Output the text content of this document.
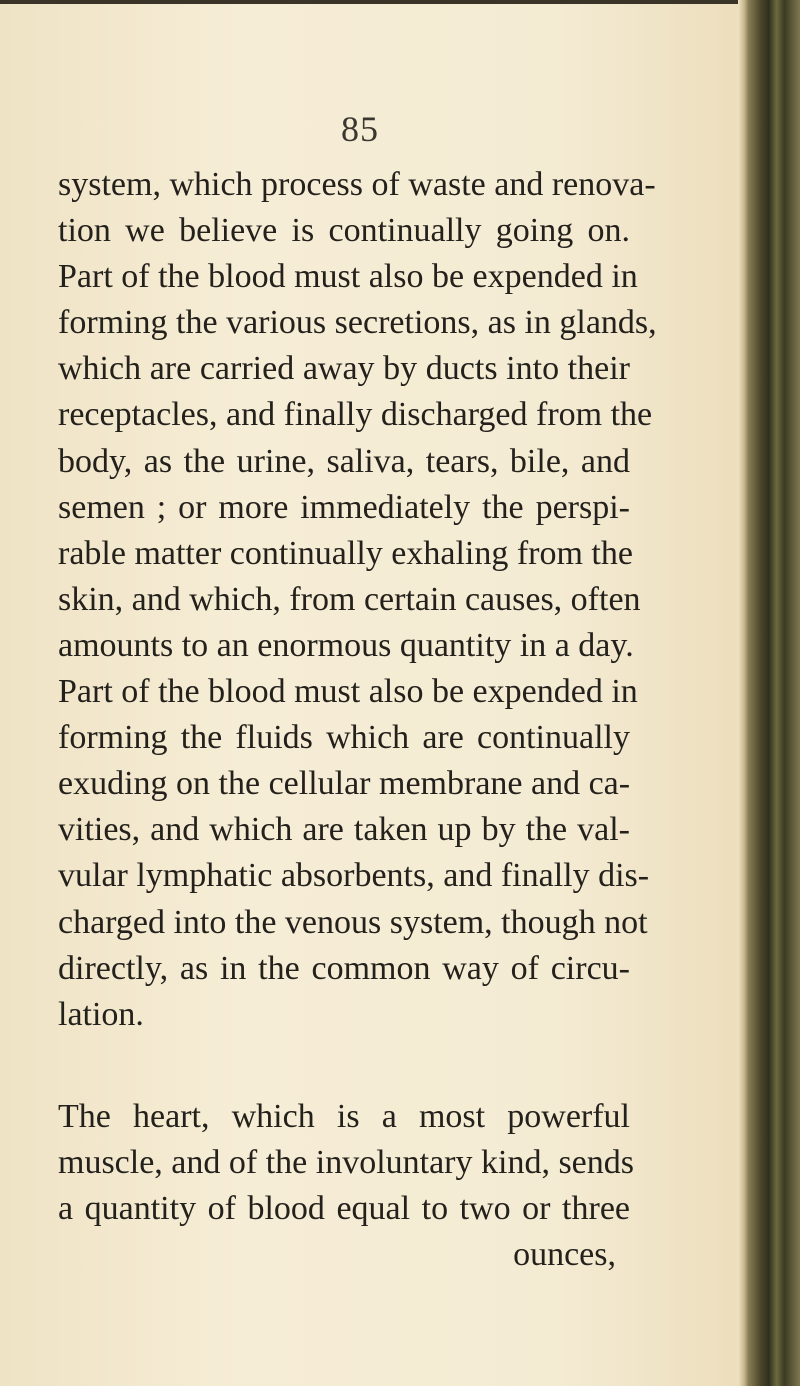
85
system, which process of waste and renova-
tion we believe is continually going on.
Part of the blood must also be expended in
forming the various secretions, as in glands,
which are carried away by ducts into their
receptacles, and finally discharged from the
body, as the urine, saliva, tears, bile, and
semen ; or more immediately the perspi-
rable matter continually exhaling from the
skin, and which, from certain causes, often
amounts to an enormous quantity in a day.
Part of the blood must also be expended in
forming the fluids which are continually
exuding on the cellular membrane and ca-
vities, and which are taken up by the val-
vular lymphatic absorbents, and finally dis-
charged into the venous system, though not
directly, as in the common way of circu-
lation.
The heart, which is a most powerful
muscle, and of the involuntary kind, sends
a quantity of blood equal to two or three
ounces,
